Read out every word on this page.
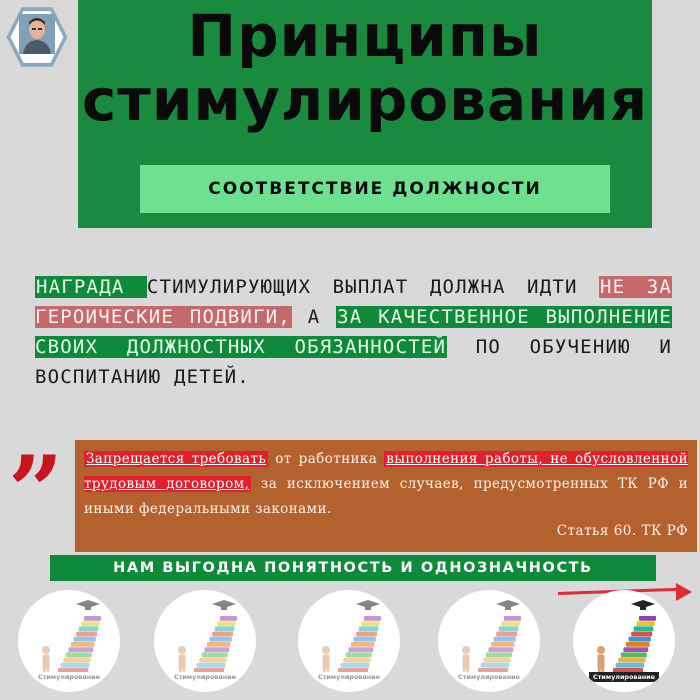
Принципы
стимулирования
СООТВЕТСТВИЕ ДОЛЖНОСТИ
НАГРАДА СТИМУЛИРУЮЩИХ ВЫПЛАТ ДОЛЖНА ИДТИ НЕ ЗА ГЕРОИЧЕСКИЕ ПОДВИГИ, А ЗА КАЧЕСТВЕННОЕ ВЫПОЛНЕНИЕ СВОИХ ДОЛЖНОСТНЫХ ОБЯЗАННОСТЕЙ ПО ОБУЧЕНИЮ И ВОСПИТАНИЮ ДЕТЕЙ.
”	Запрещается требовать от работника выполнения работы, не обусловленной трудовым договором, за исключением случаев, предусмотренных ТК РФ и иными федеральными законами.
Статья 60. ТК РФ
НАМ ВЫГОДНА ПОНЯТНОСТЬ И ОДНОЗНАЧНОСТЬ
Стимулирование	Стимулирование	Стимулирование	Стимулирование	Стимулирование
